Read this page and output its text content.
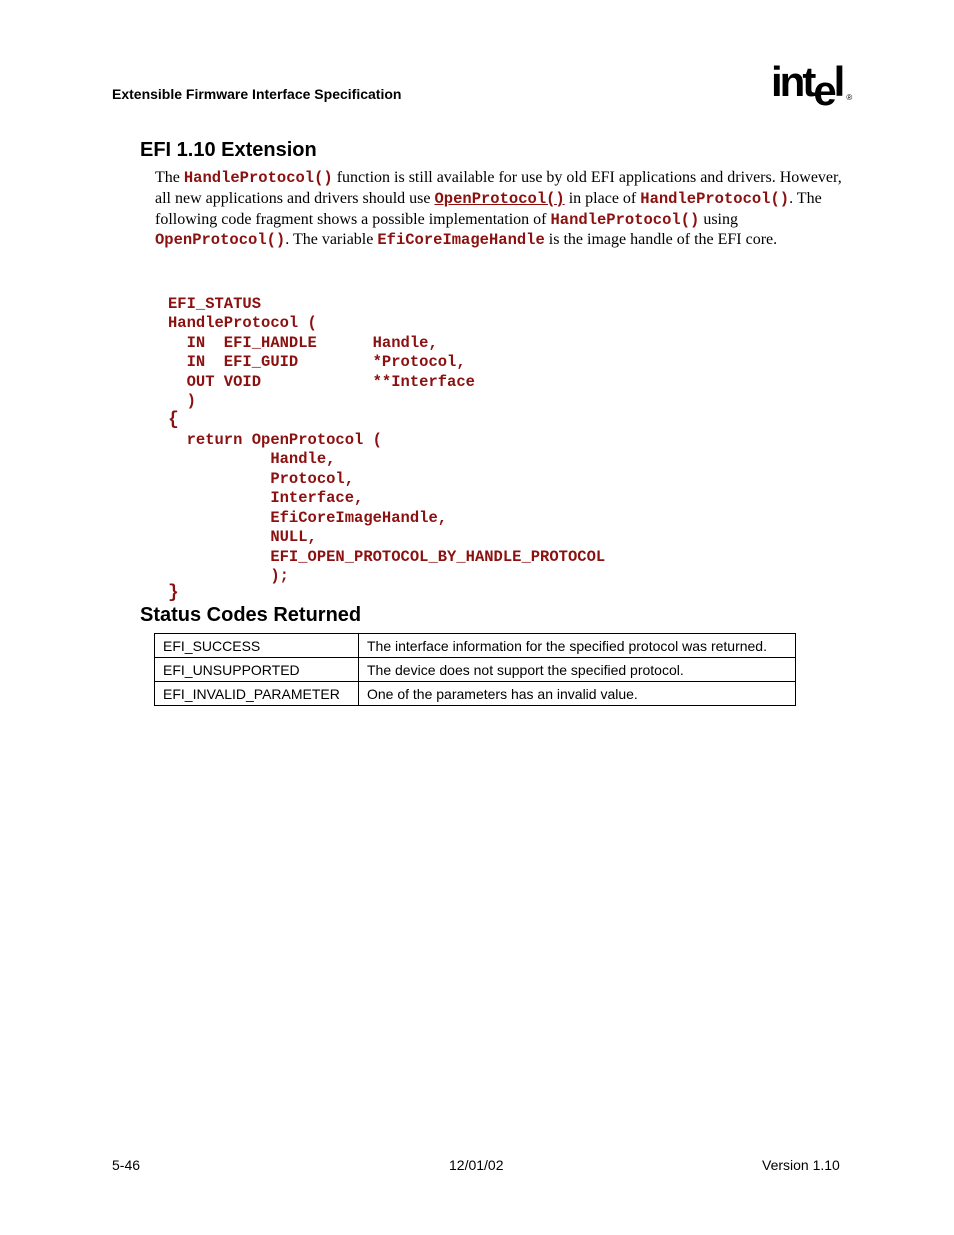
Extensible Firmware Interface Specification	intel ®
EFI 1.10 Extension
The HandleProtocol() function is still available for use by old EFI applications and drivers. However, all new applications and drivers should use OpenProtocol() in place of HandleProtocol(). The following code fragment shows a possible implementation of HandleProtocol() using OpenProtocol(). The variable EfiCoreImageHandle is the image handle of the EFI core.
EFI_STATUS
HandleProtocol (
IN  EFI_HANDLE      Handle,
IN  EFI_GUID        *Protocol,
OUT VOID            **Interface
)
{
return OpenProtocol (
Handle,
Protocol,
Interface,
EfiCoreImageHandle,
NULL,
EFI_OPEN_PROTOCOL_BY_HANDLE_PROTOCOL
);
}
Status Codes Returned
EFI_SUCCESS	The interface information for the specified protocol was returned.
EFI_UNSUPPORTED	The device does not support the specified protocol.
EFI_INVALID_PARAMETER	One of the parameters has an invalid value.
5-46	12/01/02	Version 1.10
